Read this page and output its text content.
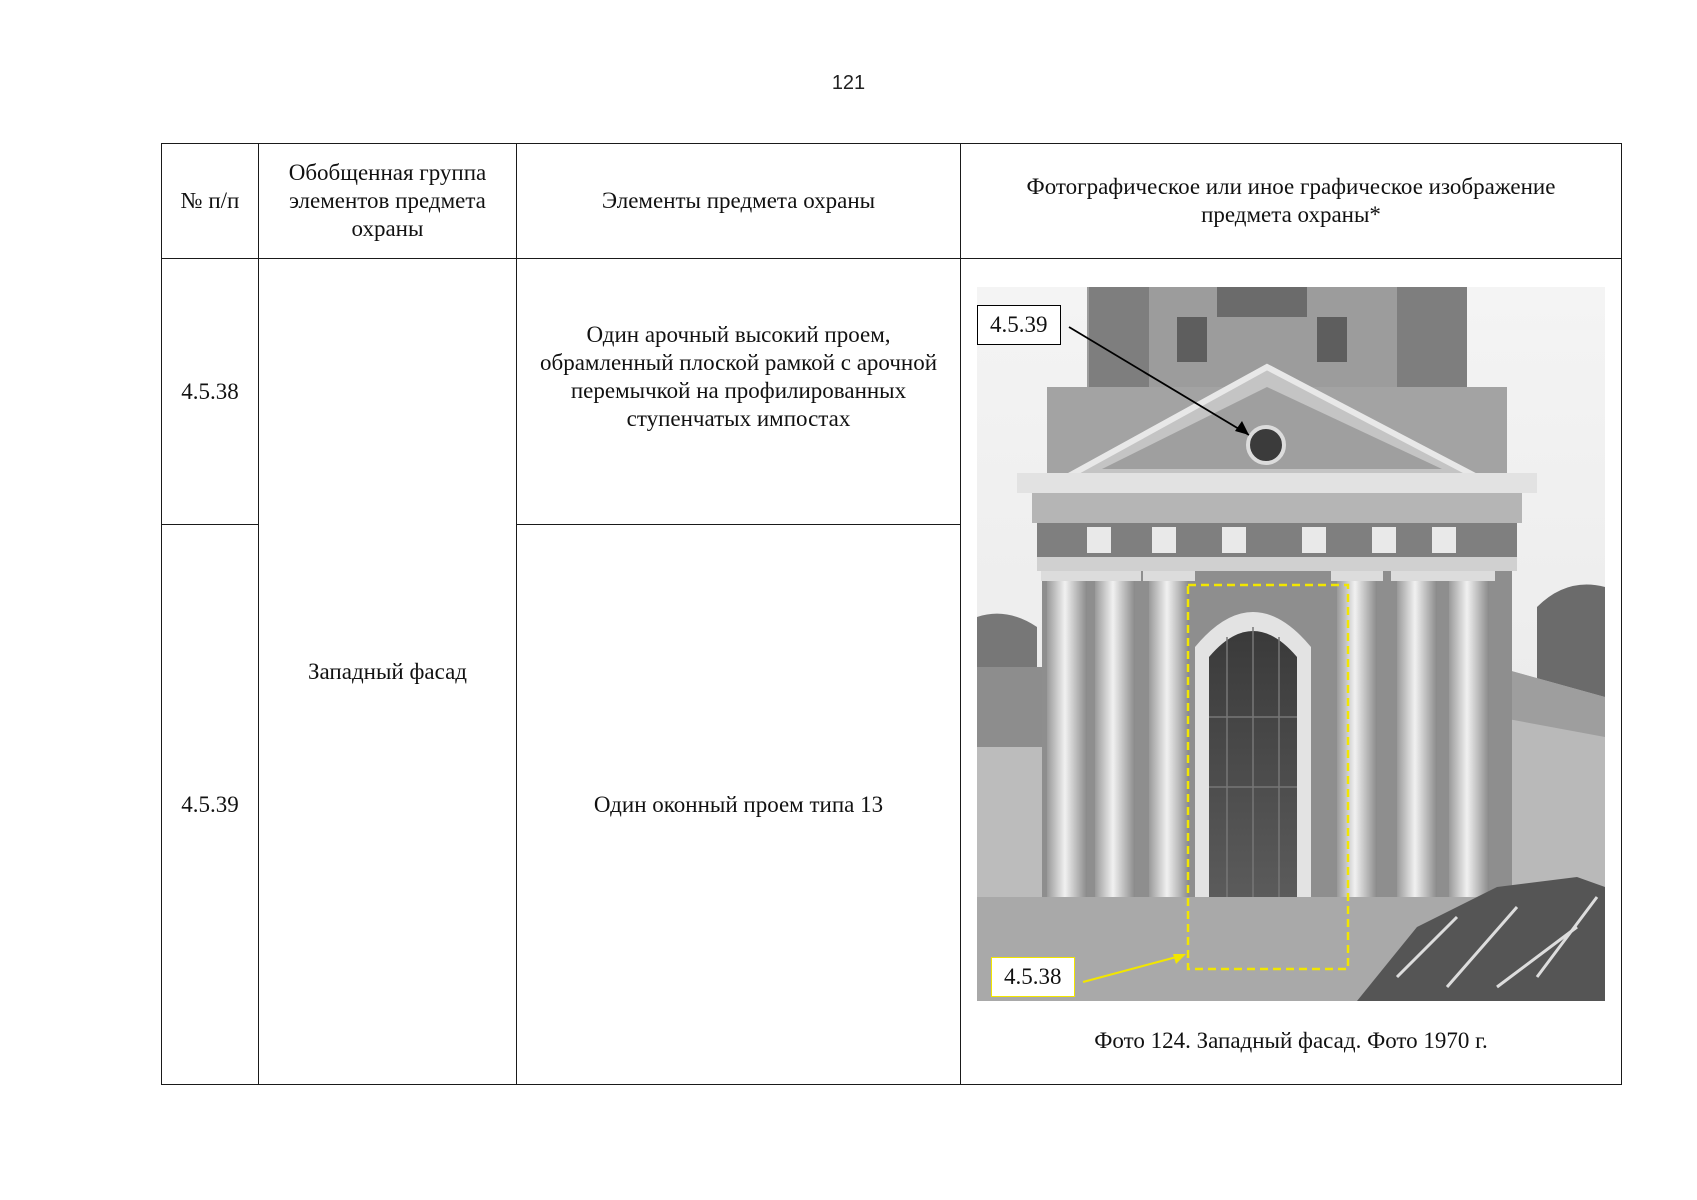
121
№ п/п	Обобщенная группа элементов предмета охраны	Элементы предмета охраны	Фотографическое или иное графическое изображение предмета охраны*
4.5.38	Западный фасад	Один арочный высокий проем, обрамленный плоской рамкой с арочной перемычкой на профилированных ступенчатых импостах	4.5.39
4.5.38
Фото 124. Западный фасад. Фото 1970 г.

4.5.39		Один оконный проем типа 13	
